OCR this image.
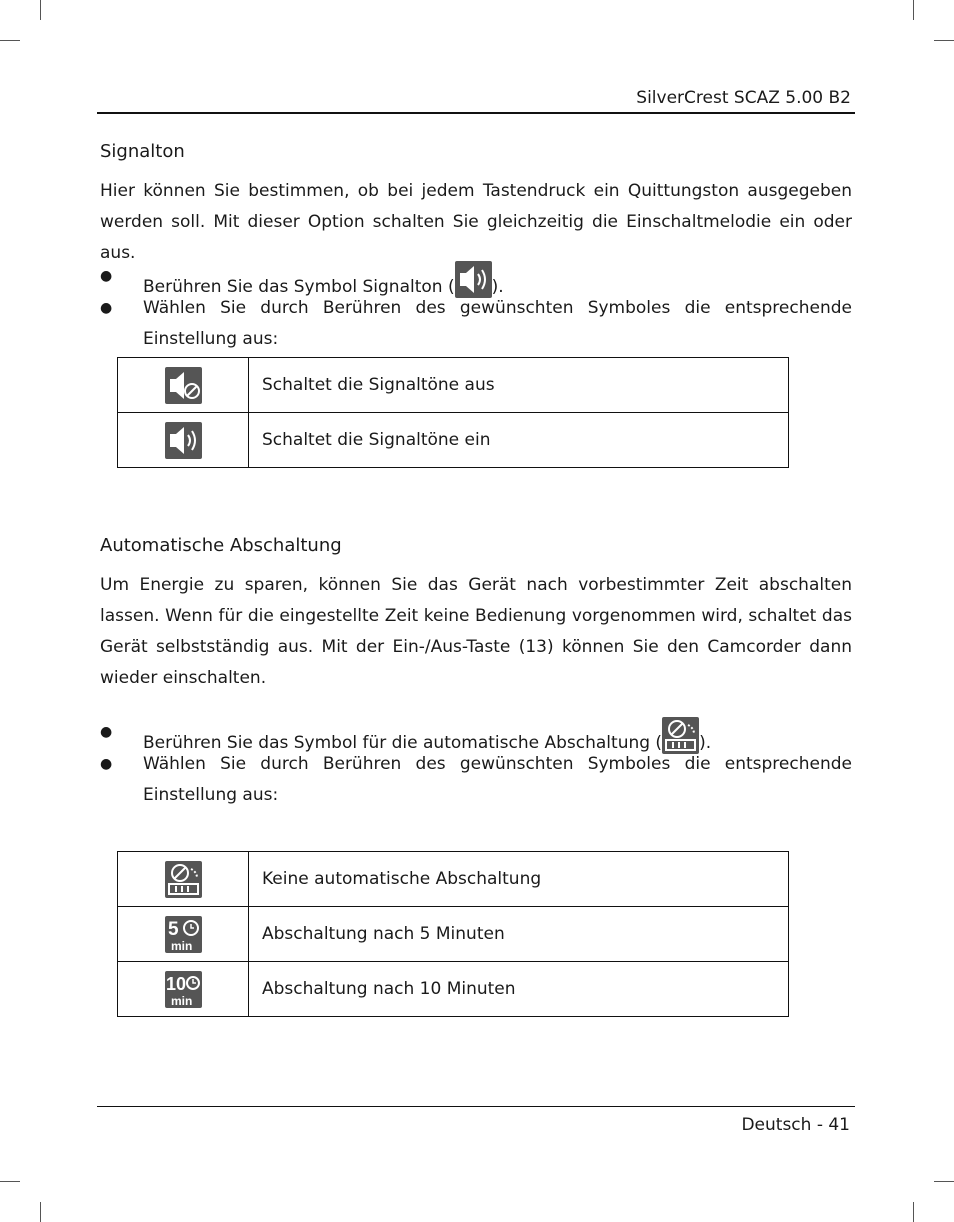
SilverCrest SCAZ 5.00 B2
Signalton

Hier können Sie bestimmen, ob bei jedem Tastendruck ein Quittungston ausgegeben werden soll. Mit dieser Option schalten Sie gleichzeitig die Einschaltmelodie ein oder aus.

●
Berühren Sie das Symbol Signalton ( ).
● Wählen Sie durch Berühren des gewünschten Symboles die entsprechende Einstellung aus:
	Schaltet die Signaltöne aus
	Schaltet die Signaltöne ein
Automatische Abschaltung

Um Energie zu sparen, können Sie das Gerät nach vorbestimmter Zeit abschalten lassen. Wenn für die eingestellte Zeit keine Bedienung vorgenommen wird, schaltet das Gerät selbstständig aus. Mit der Ein-/Aus-Taste (13) können Sie den Camcorder dann wieder einschalten.

●
Berühren Sie das Symbol für die automatische Abschaltung ( ).
● Wählen Sie durch Berühren des gewünschten Symboles die entsprechende Einstellung aus:
	Keine automatische Abschaltung

5
min	Abschaltung nach 5 Minuten

10
min	Abschaltung nach 10 Minuten
Deutsch - 41
